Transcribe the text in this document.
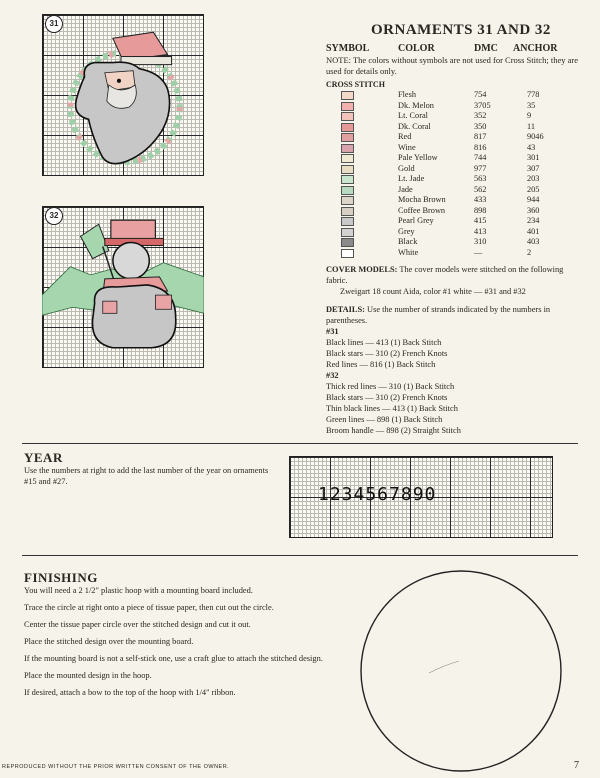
31
32
ORNAMENTS 31 AND 32
SYMBOL	COLOR	DMC ANCHOR
NOTE: The colors without symbols are not used for Cross Stitch; they are used for details only.
CROSS STITCH
Flesh	754	778
Dk. Melon	3705	35
Lt. Coral	352	9
Dk. Coral	350	11
Red	817	9046
Wine	816	43
Pale Yellow	744	301
Gold	977	307
Lt. Jade	563	203
Jade	562	205
Mocha Brown	433	944
Coffee Brown	898	360
Pearl Grey	415	234
Grey	413	401
Black	310	403
White	—	2
COVER MODELS: The cover models were stitched on the following fabric.
Zweigart 18 count Aida, color #1 white — #31 and #32
DETAILS: Use the number of strands indicated by the numbers in parentheses.
#31
Black lines — 413 (1) Back Stitch
Black stars — 310 (2) French Knots
Red lines — 816 (1) Back Stitch
#32
Thick red lines — 310 (1) Back Stitch
Black stars — 310 (2) French Knots
Thin black lines — 413 (1) Back Stitch
Green lines — 898 (1) Back Stitch
Broom handle — 898 (2) Straight Stitch
YEAR
Use the numbers at right to add the last number of the year on ornaments #15 and #27.
1234567890
FINISHING
You will need a 2 1/2" plastic hoop with a mounting board included.
Trace the circle at right onto a piece of tissue paper, then cut out the circle.
Center the tissue paper circle over the stitched design and cut it out.
Place the stitched design over the mounting board.
If the mounting board is not a self-stick one, use a craft glue to attach the stitched design.
Place the mounted design in the hoop.
If desired, attach a bow to the top of the hoop with 1/4" ribbon.
REPRODUCED WITHOUT THE PRIOR WRITTEN CONSENT OF THE OWNER.	7
